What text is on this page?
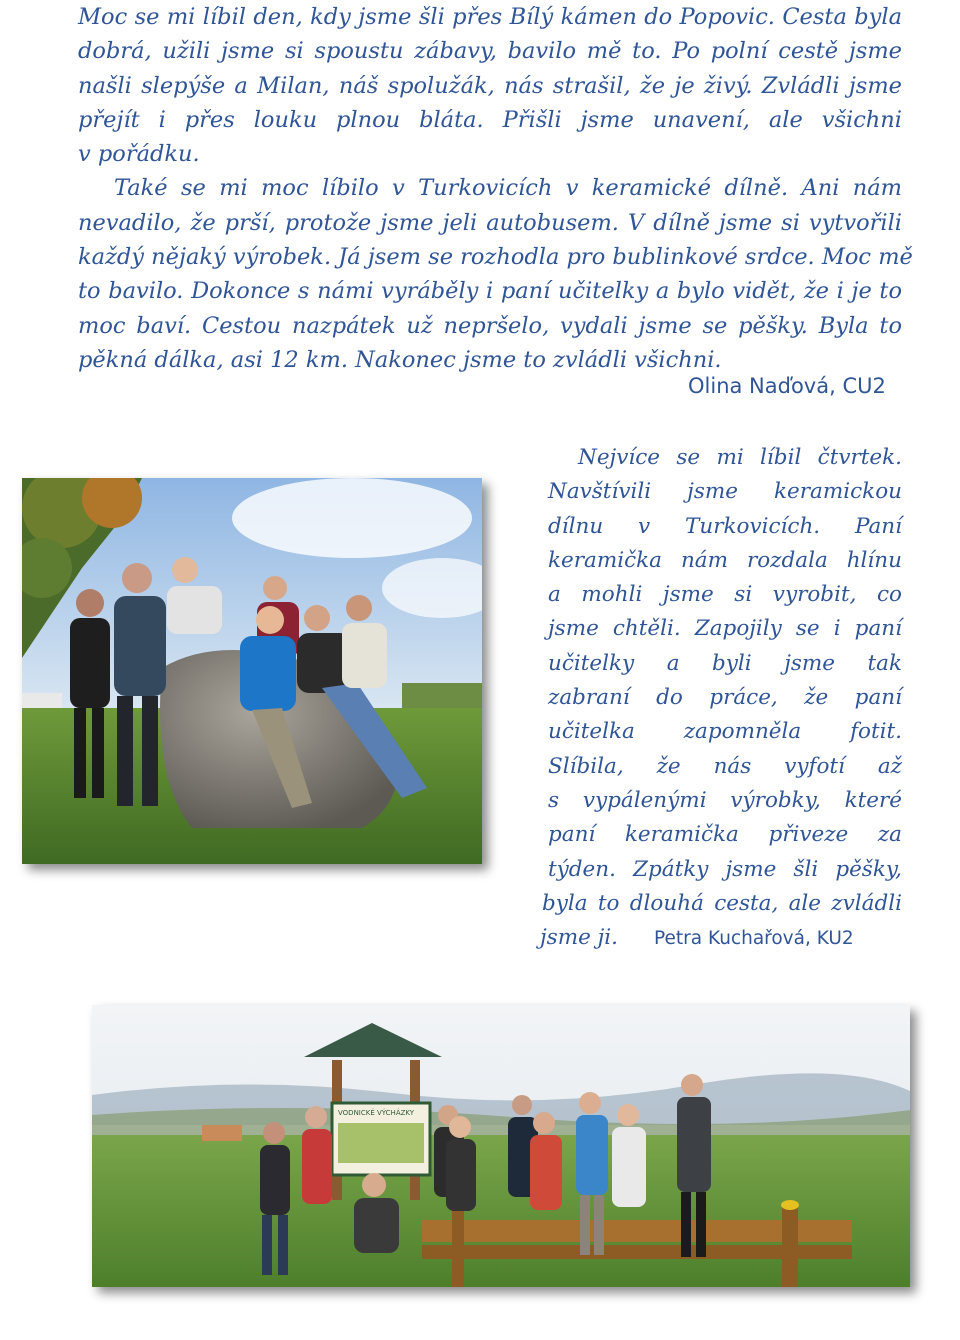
Moc se mi líbil den, kdy jsme šli přes Bílý kámen do Popovic. Cesta byla
dobrá, užili jsme si spoustu zábavy, bavilo mě to. Po polní cestě jsme
našli slepýše a Milan, náš spolužák, nás strašil, že je živý. Zvládli jsme
přejít i přes louku plnou bláta. Přišli jsme unavení, ale všichni
v pořádku.
Také se mi moc líbilo v Turkovicích v keramické dílně. Ani nám
nevadilo, že prší, protože jsme jeli autobusem. V dílně jsme si vytvořili
každý nějaký výrobek. Já jsem se rozhodla pro bublinkové srdce. Moc mě
to bavilo. Dokonce s námi vyráběly i paní učitelky a bylo vidět, že i je to
moc baví. Cestou nazpátek už nepršelo, vydali jsme se pěšky. Byla to
pěkná dálka, asi 12 km. Nakonec jsme to zvládli všichni.
Olina Naďová, CU2
Nejvíce se mi líbil čtvrtek.
Navštívili jsme keramickou
dílnu v Turkovicích. Paní
keramička nám rozdala hlínu
a mohli jsme si vyrobit, co
jsme chtěli. Zapojily se i paní
učitelky a byli jsme tak
zabraní do práce, že paní
učitelka zapomněla fotit.
Slíbila, že nás vyfotí až
s vypálenými výrobky, které
paní keramička přiveze za
týden. Zpátky jsme šli pěšky,
byla to dlouhá cesta, ale zvládli
jsme ji. Petra Kuchařová, KU2
VODNICKÉ VÝCHÁZKY
